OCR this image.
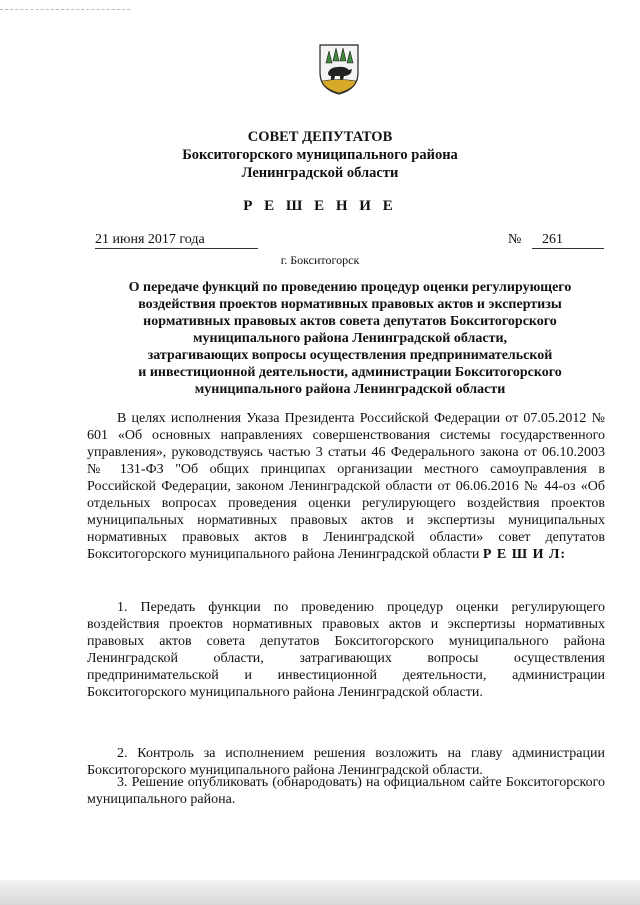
СОВЕТ ДЕПУТАТОВ
Бокситогорского муниципального района
Ленинградской области
Р Е Ш Е Н И Е
21 июня 2017 года	№	261
г. Бокситогорск
О передаче функций по проведению процедур оценки регулирующего
воздействия проектов нормативных правовых актов и экспертизы
нормативных правовых актов совета депутатов Бокситогорского
муниципального района Ленинградской области,
затрагивающих вопросы осуществления предпринимательской
и инвестиционной деятельности, администрации Бокситогорского
муниципального района Ленинградской области

В целях исполнения Указа Президента Российской Федерации от 07.05.2012 № 601 «Об основных направлениях совершенствования системы государственного управления», руководствуясь частью 3 статьи 46 Федерального закона от 06.10.2003 № 131-ФЗ "Об общих принципах организации местного самоуправления в Российской Федерации, законом Ленинградской области от 06.06.2016 № 44-оз «Об отдельных вопросах проведения оценки регулирующего воздействия проектов муниципальных нормативных правовых актов и экспертизы муниципальных нормативных правовых актов в Ленинградской области» совет депутатов Бокситогорского муниципального района Ленинградской области Р Е Ш И Л:

1. Передать функции по проведению процедур оценки регулирующего воздействия проектов нормативных правовых актов и экспертизы нормативных правовых актов совета депутатов Бокситогорского муниципального района Ленинградской области, затрагивающих вопросы осуществления предпринимательской и инвестиционной деятельности, администрации Бокситогорского муниципального района Ленинградской области.

2. Контроль за исполнением решения возложить на главу администрации Бокситогорского муниципального района Ленинградской области.

3. Решение опубликовать (обнародовать) на официальном сайте Бокситогорского муниципального района.
